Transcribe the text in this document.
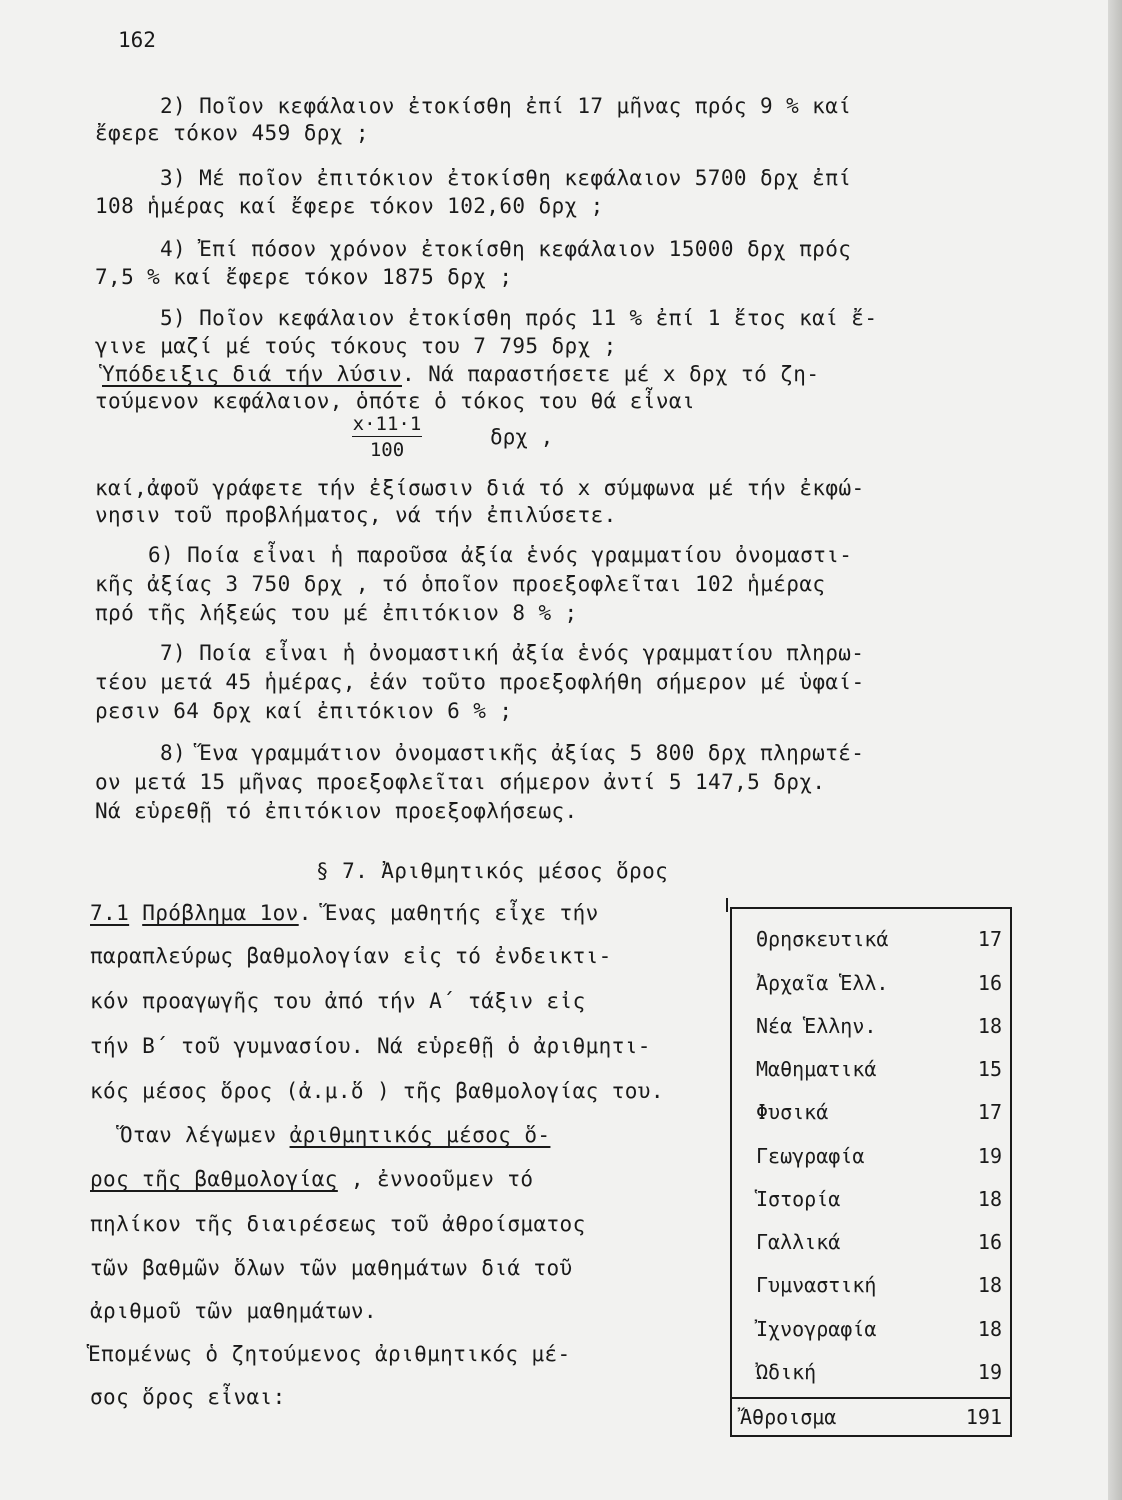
162
2) Ποῖον κεφάλαιον ἐτοκίσθη ἐπί 17 μῆνας πρός 9 % καί
ἔφερε τόκον 459 δρχ ;
3) Μέ ποῖον ἐπιτόκιον ἐτοκίσθη κεφάλαιον 5700 δρχ ἐπί
108 ἡμέρας καί ἔφερε τόκον 102,60 δρχ ;
4) Ἐπί πόσον χρόνον ἐτοκίσθη κεφάλαιον 15000 δρχ πρός
7,5 % καί ἔφερε τόκον 1875 δρχ ;
5) Ποῖον κεφάλαιον ἐτοκίσθη πρός 11 % ἐπί 1 ἔτος καί ἔ-
γινε μαζί μέ τούς τόκους του 7 795 δρχ ;
Ὑπόδειξις διά τήν λύσιν. Νά παραστήσετε μέ x δρχ τό ζη-
τούμενον κεφάλαιον, ὁπότε ὁ τόκος του θά εἶναι
$\frac{x\cdot 11\cdot 1}{100}$	δρχ ,
καί,ἀφοῦ γράφετε τήν ἐξίσωσιν διά τό x σύμφωνα μέ τήν ἐκφώ-
νησιν τοῦ προβλήματος, νά τήν ἐπιλύσετε.
6) Ποία εἶναι ἡ παροῦσα ἀξία ἑνός γραμματίου ὀνομαστι-
κῆς ἀξίας 3 750 δρχ , τό ὁποῖον προεξοφλεῖται 102 ἡμέρας
πρό τῆς λήξεώς του μέ ἐπιτόκιον 8 % ;
7) Ποία εἶναι ἡ ὀνομαστική ἀξία ἑνός γραμματίου πληρω-
τέου μετά 45 ἡμέρας, ἐάν τοῦτο προεξοφλήθη σήμερον μέ ὑφαί-
ρεσιν 64 δρχ καί ἐπιτόκιον 6 % ;
8) Ἕνα γραμμάτιον ὀνομαστικῆς ἀξίας 5 800 δρχ πληρωτέ-
ον μετά 15 μῆνας προεξοφλεῖται σήμερον ἀντί 5 147,5 δρχ.
Νά εὑρεθῇ τό ἐπιτόκιον προεξοφλήσεως.
§ 7. Ἀριθμητικός μέσος ὅρος
7.1 Πρόβλημα 1ον. Ἕνας μαθητής εἶχε τήν
παραπλεύρως βαθμολογίαν εἰς τό ἐνδεικτι-
κόν προαγωγῆς του ἀπό τήν Α΄ τάξιν εἰς
τήν Β΄ τοῦ γυμνασίου. Νά εὑρεθῇ ὁ ἀριθμητι-
κός μέσος ὅρος (ἀ.μ.ὅ ) τῆς βαθμολογίας του.
Ὅταν λέγωμεν ἀριθμητικός μέσος ὅ-
ρος τῆς βαθμολογίας , ἐννοοῦμεν τό
πηλίκον τῆς διαιρέσεως τοῦ ἀθροίσματος
τῶν βαθμῶν ὅλων τῶν μαθημάτων διά τοῦ
ἀριθμοῦ τῶν μαθημάτων.
Ἑπομένως ὁ ζητούμενος ἀριθμητικός μέ-
σος ὅρος εἶναι:
Θρησκευτικά	17
Ἀρχαῖα Ἑλλ.	16
Νέα Ἑλλην.	18
Μαθηματικά	15
Φυσικά	17
Γεωγραφία	19
Ἱστορία	18
Γαλλικά	16
Γυμναστική	18
Ἰχνογραφία	18
Ὠδική	19
Ἄθροισμα	191
